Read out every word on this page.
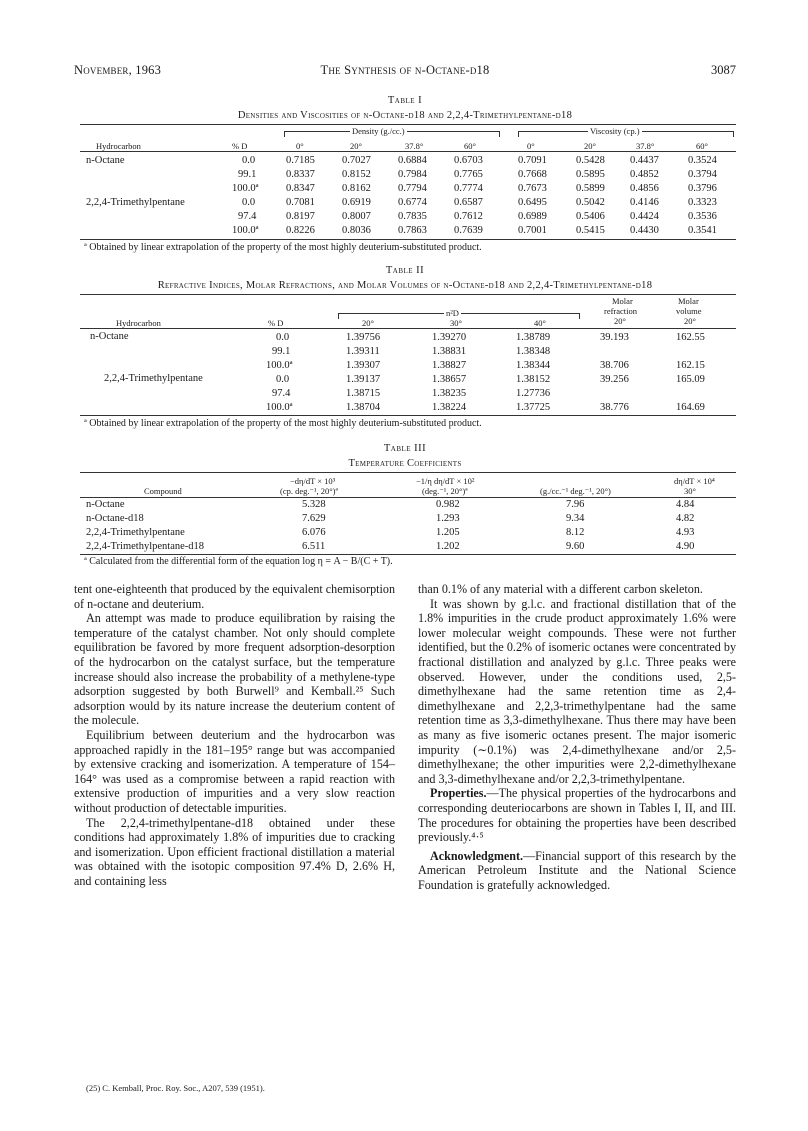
November, 1963	The Synthesis of n-Octane-d18	3087
Table I
Densities and Viscosities of n-Octane-d18 and 2,2,4-Trimethylpentane-d18
Density (g./cc.)	Viscosity (cp.)
Hydrocarbon	% D	0°	20°	37.8°	60°	0°	20°	37.8°	60°
n-Octane	0.0	0.7185	0.7027	0.6884	0.6703	0.7091	0.5428 0.4437	0.3524
99.1	0.8337	0.8152	0.7984	0.7765	0.7668	0.5895 0.4852	0.3794
100.0ª	0.8347	0.8162	0.7794	0.7774	0.7673	0.5899 0.4856	0.3796
2,2,4-Trimethylpentane	0.0	0.7081	0.6919	0.6774	0.6587	0.6495	0.5042 0.4146	0.3323
97.4	0.8197	0.8007	0.7835	0.7612	0.6989	0.5406 0.4424	0.3536
100.0ª	0.8226	0.8036	0.7863	0.7639	0.7001	0.5415 0.4430	0.3541
ª Obtained by linear extrapolation of the property of the most highly deuterium-substituted product.
Table II
Refractive Indices, Molar Refractions, and Molar Volumes of n-Octane-d18 and 2,2,4-Trimethylpentane-d18
Molar
refraction
20°
Molar
volume
20°
n²D
Hydrocarbon	% D	20°	30°	40°
n-Octane	0.0	1.39756	1.39270	1.38789	39.193	162.55
99.1	1.39311	1.38831	1.38348
100.0ª	1.39307	1.38827	1.38344	38.706	162.15
2,2,4-Trimethylpentane	0.0	1.39137	1.38657	1.38152	39.256	165.09
97.4	1.38715	1.38235	1.27736
100.0ª	1.38704	1.38224	1.37725	38.776	164.69
ª Obtained by linear extrapolation of the property of the most highly deuterium-substituted product.
Table III
Temperature Coefficients
−dη/dT × 10³
(cp. deg.⁻¹, 20°)ª
−1/η dη/dT × 10²
(deg.⁻¹, 20°)ª	(g./cc.⁻¹ deg.⁻¹, 20°)
dη/dT × 10⁴
30°
Compound
n-Octane	5.328	0.982	7.96	4.84
n-Octane-d18	7.629	1.293	9.34	4.82
2,2,4-Trimethylpentane	6.076	1.205	8.12	4.93
2,2,4-Trimethylpentane-d18	6.511	1.202	9.60	4.90
ª Calculated from the differential form of the equation log η = A − B/(C + T).

tent one-eighteenth that produced by the equivalent chemisorption of n-octane and deuterium.

An attempt was made to produce equilibration by raising the temperature of the catalyst chamber. Not only should complete equilibration be favored by more frequent adsorption-desorption of the hydrocarbon on the catalyst surface, but the temperature increase should also increase the probability of a methylene-type adsorption suggested by both Burwell⁹ and Kemball.²⁵ Such adsorption would by its nature increase the deuterium content of the molecule.

Equilibrium between deuterium and the hydrocarbon was approached rapidly in the 181–195° range but was accompanied by extensive cracking and isomerization. A temperature of 154–164° was used as a compromise between a rapid reaction with extensive production of impurities and a very slow reaction without production of detectable impurities.

The 2,2,4-trimethylpentane-d18 obtained under these conditions had approximately 1.8% of impurities due to cracking and isomerization. Upon efficient fractional distillation a material was obtained with the isotopic composition 97.4% D, 2.6% H, and containing less

than 0.1% of any material with a different carbon skeleton.

It was shown by g.l.c. and fractional distillation that of the 1.8% impurities in the crude product approximately 1.6% were lower molecular weight compounds. These were not further identified, but the 0.2% of isomeric octanes were concentrated by fractional distillation and analyzed by g.l.c. Three peaks were observed. However, under the conditions used, 2,5-dimethylhexane had the same retention time as 2,4-dimethylhexane and 2,2,3-trimethylpentane had the same retention time as 3,3-dimethylhexane. Thus there may have been as many as five isomeric octanes present. The major isomeric impurity (∼0.1%) was 2,4-dimethylhexane and/or 2,5-dimethylhexane; the other impurities were 2,2-dimethylhexane and 3,3-dimethylhexane and/or 2,2,3-trimethylpentane.

Properties.—The physical properties of the hydrocarbons and corresponding deuteriocarbons are shown in Tables I, II, and III. The procedures for obtaining the properties have been described previously.⁴·⁵

Acknowledgment.—Financial support of this research by the American Petroleum Institute and the National Science Foundation is gratefully acknowledged.

(25) C. Kemball, Proc. Roy. Soc., A207, 539 (1951).
